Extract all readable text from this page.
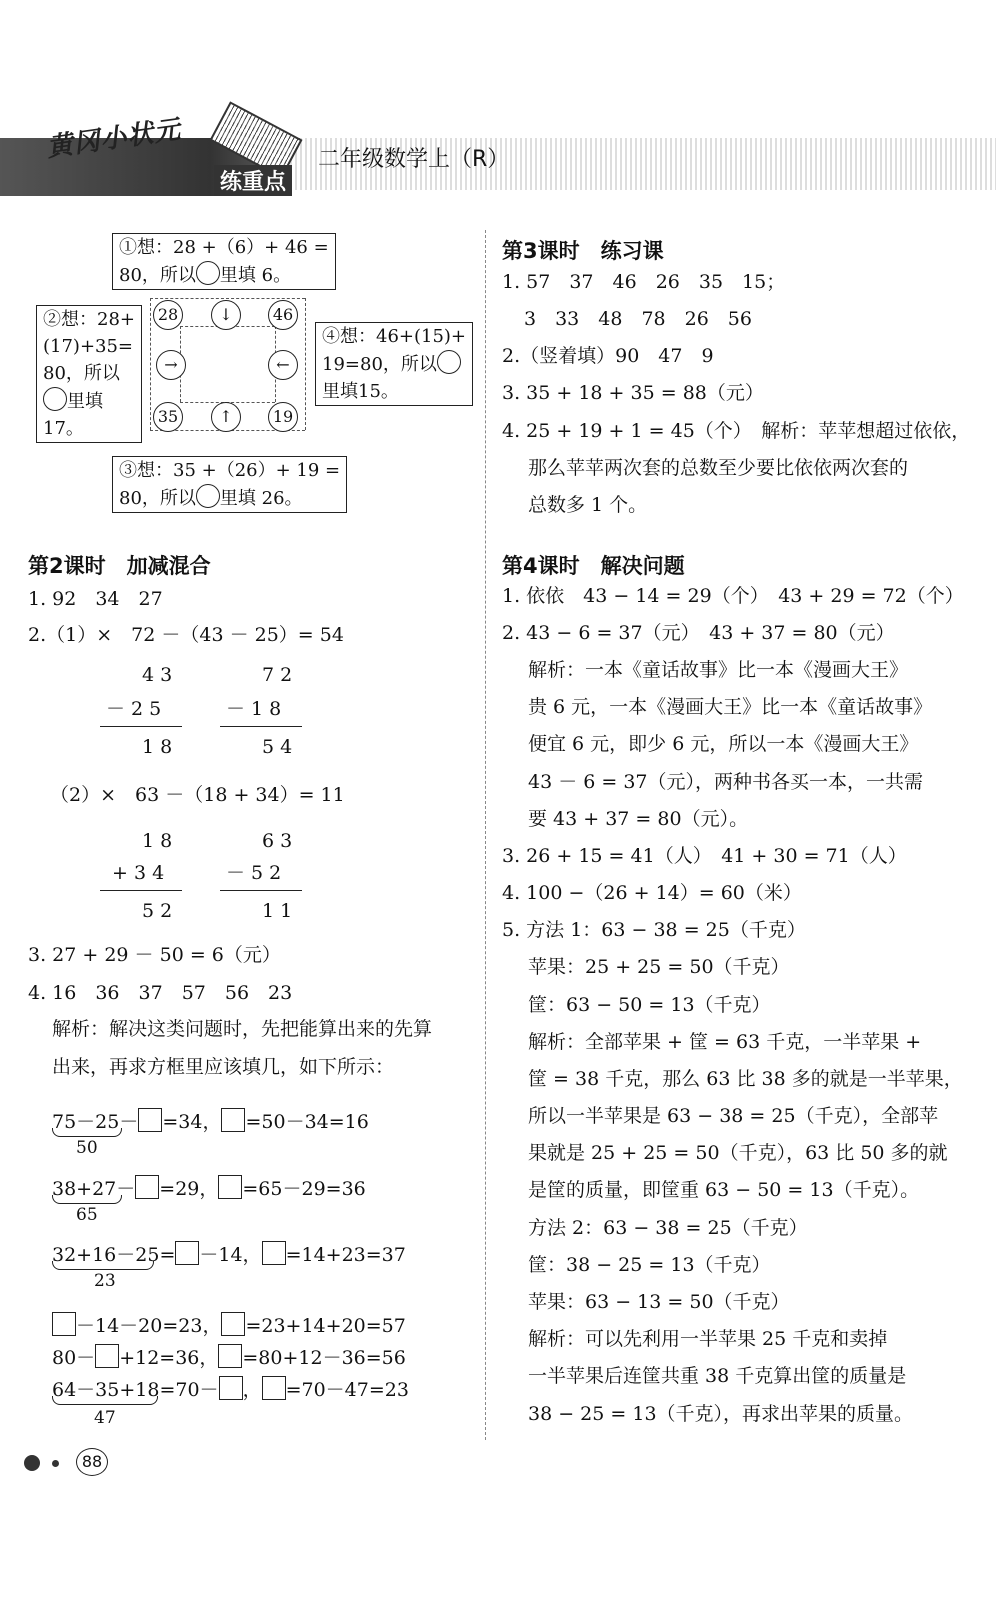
黄冈小状元
练重点
二年级数学上（R）
①想：28 +（6）+ 46 =
80，所以 里填 6。
②想：28+
(17)+35=
80，所以
里填
17。
④想：46+(15)+
19=80，所以
里填15。
③想：35 +（26）+ 19 =
80，所以 里填 26。
28	46
35	19
↓
↑
→	←
第2课时　加减混合
1. 92　34　27
2.（1）×　72 －（43 － 25）= 54
4 3
－ 2 5
1 8
7 2
－ 1 8
5 4
（2）×　63 －（18 + 34）= 11
1 8
+ 3 4
5 2
6 3
－ 5 2
1 1
3. 27 + 29 － 50 = 6（元）
4. 16　36　37　57　56　23
解析：解决这类问题时，先把能算出来的先算
出来，再求方框里应该填几，如下所示：
75－25－ =34， =50－34=16
50
38+27－ =29， =65－29=36
65
32+16－25= －14， =14+23=37
23
－14－20=23， =23+14+20=57
80－ +12=36， =80+12－36=56
64－35+18=70－ ， =70－47=23
47
第3课时　练习课
1. 57　37　46　26　35　15；
3　33　48　78　26　56
2.（竖着填）90　47　9
3. 35 + 18 + 35 = 88（元）
4. 25 + 19 + 1 = 45（个）　解析：苹苹想超过依依，
那么苹苹两次套的总数至少要比依依两次套的
总数多 1 个。
第4课时　解决问题
1. 依依　43 − 14 = 29（个）　43 + 29 = 72（个）
2. 43 − 6 = 37（元）　43 + 37 = 80（元）
解析：一本《童话故事》比一本《漫画大王》
贵 6 元，一本《漫画大王》比一本《童话故事》
便宜 6 元，即少 6 元，所以一本《漫画大王》
43 － 6 = 37（元），两种书各买一本，一共需
要 43 + 37 = 80（元）。
3. 26 + 15 = 41（人）　41 + 30 = 71（人）
4. 100 −（26 + 14）= 60（米）
5. 方法 1：63 − 38 = 25（千克）
苹果：25 + 25 = 50（千克）
筐：63 − 50 = 13（千克）
解析：全部苹果 + 筐 = 63 千克，一半苹果 +
筐 = 38 千克，那么 63 比 38 多的就是一半苹果，
所以一半苹果是 63 − 38 = 25（千克），全部苹
果就是 25 + 25 = 50（千克），63 比 50 多的就
是筐的质量，即筐重 63 − 50 = 13（千克）。
方法 2：63 − 38 = 25（千克）
筐：38 − 25 = 13（千克）
苹果：63 − 13 = 50（千克）
解析：可以先利用一半苹果 25 千克和卖掉
一半苹果后连筐共重 38 千克算出筐的质量是
38 − 25 = 13（千克），再求出苹果的质量。
88
